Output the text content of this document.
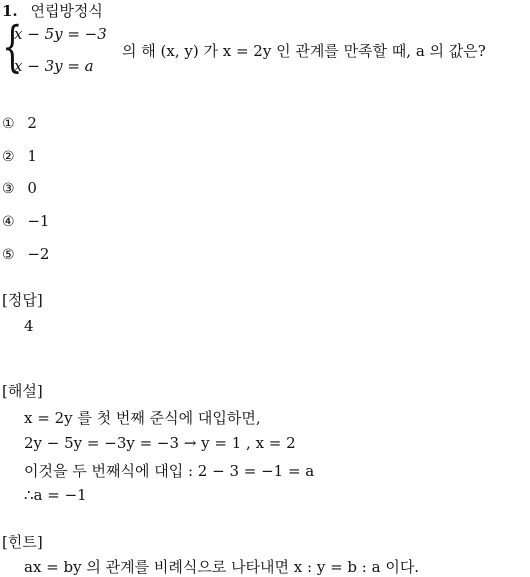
1. 연립방정식
{
x − 5y = −3
x − 3y = a
의 해 (x, y) 가 x = 2y 인 관계를 만족할 때, a 의 값은?
① 2
② 1
③ 0
④ −1
⑤ −2
[정답]
4
[해설]
x = 2y 를 첫 번째 준식에 대입하면,
2y − 5y = −3y = −3 → y = 1 , x = 2
이것을 두 번째식에 대입 : 2 − 3 = −1 = a
∴a = −1
[힌트]
ax = by 의 관계를 비례식으로 나타내면 x : y = b : a 이다.
